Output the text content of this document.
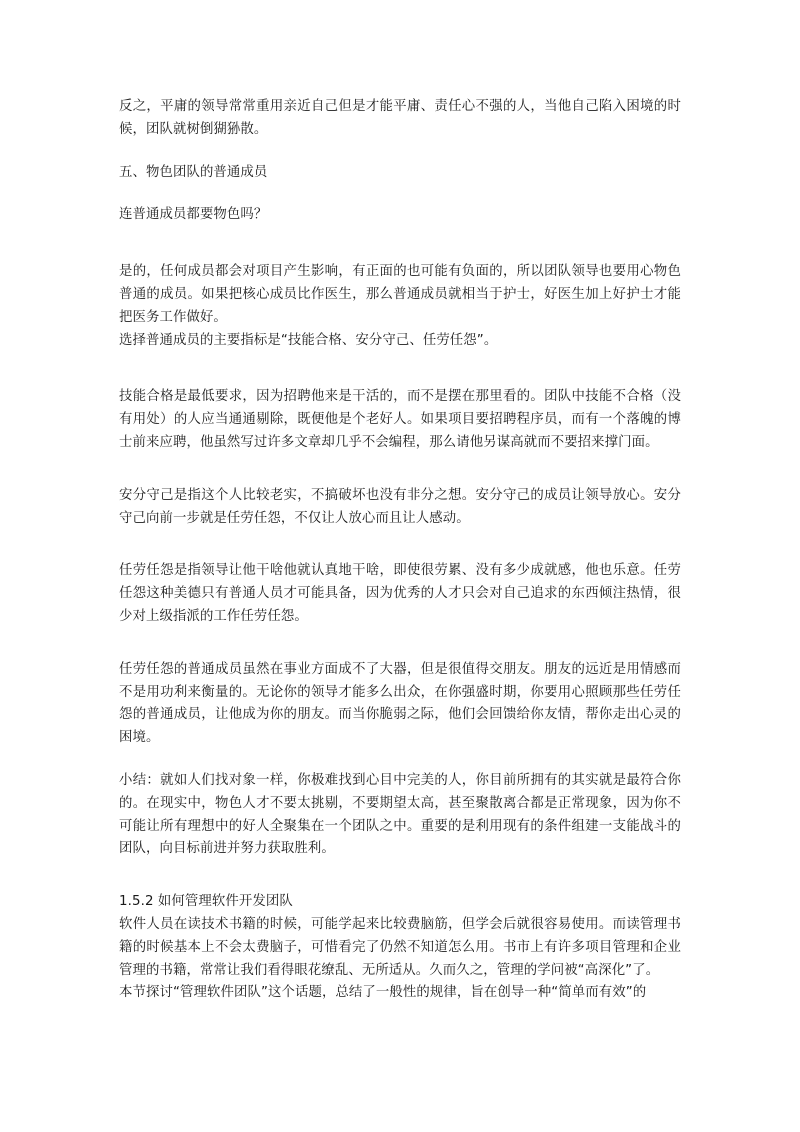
反之，平庸的领导常常重用亲近自己但是才能平庸、责任心不强的人，当他自己陷入困境的时候，团队就树倒猢狲散。

五、物色团队的普通成员

连普通成员都要物色吗？

是的，任何成员都会对项目产生影响，有正面的也可能有负面的，所以团队领导也要用心物色普通的成员。如果把核心成员比作医生，那么普通成员就相当于护士，好医生加上好护士才能把医务工作做好。

选择普通成员的主要指标是“技能合格、安分守己、任劳任怨”。

技能合格是最低要求，因为招聘他来是干活的，而不是摆在那里看的。团队中技能不合格（没有用处）的人应当通通剔除，既便他是个老好人。如果项目要招聘程序员，而有一个落魄的博士前来应聘，他虽然写过许多文章却几乎不会编程，那么请他另谋高就而不要招来撑门面。

安分守己是指这个人比较老实，不搞破坏也没有非分之想。安分守己的成员让领导放心。安分守己向前一步就是任劳任怨，不仅让人放心而且让人感动。

任劳任怨是指领导让他干啥他就认真地干啥，即使很劳累、没有多少成就感，他也乐意。任劳任怨这种美德只有普通人员才可能具备，因为优秀的人才只会对自己追求的东西倾注热情，很少对上级指派的工作任劳任怨。

任劳任怨的普通成员虽然在事业方面成不了大器，但是很值得交朋友。朋友的远近是用情感而不是用功利来衡量的。无论你的领导才能多么出众，在你强盛时期，你要用心照顾那些任劳任怨的普通成员，让他成为你的朋友。而当你脆弱之际，他们会回馈给你友情，帮你走出心灵的困境。

小结：就如人们找对象一样，你极难找到心目中完美的人，你目前所拥有的其实就是最符合你的。在现实中，物色人才不要太挑剔，不要期望太高，甚至聚散离合都是正常现象，因为你不可能让所有理想中的好人全聚集在一个团队之中。重要的是利用现有的条件组建一支能战斗的团队，向目标前进并努力获取胜利。

1.5.2 如何管理软件开发团队

软件人员在读技术书籍的时候，可能学起来比较费脑筋，但学会后就很容易使用。而读管理书籍的时候基本上不会太费脑子，可惜看完了仍然不知道怎么用。书市上有许多项目管理和企业管理的书籍，常常让我们看得眼花缭乱、无所适从。久而久之，管理的学问被“高深化”了。

本节探讨“管理软件团队”这个话题，总结了一般性的规律，旨在创导一种“简单而有效”的
